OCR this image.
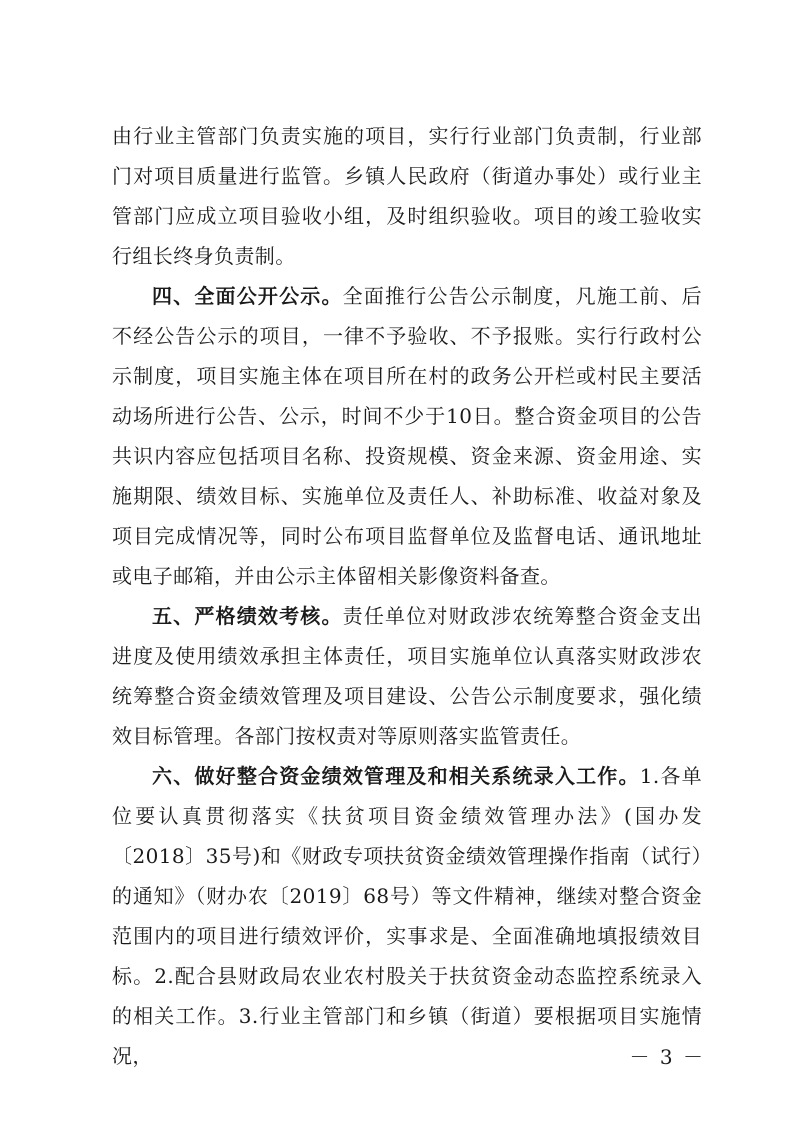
由行业主管部门负责实施的项目，实行行业部门负责制，行业部门对项目质量进行监管。乡镇人民政府（街道办事处）或行业主管部门应成立项目验收小组，及时组织验收。项目的竣工验收实行组长终身负责制。

四、全面公开公示。全面推行公告公示制度，凡施工前、后不经公告公示的项目，一律不予验收、不予报账。实行行政村公示制度，项目实施主体在项目所在村的政务公开栏或村民主要活动场所进行公告、公示，时间不少于10日。整合资金项目的公告共识内容应包括项目名称、投资规模、资金来源、资金用途、实施期限、绩效目标、实施单位及责任人、补助标准、收益对象及项目完成情况等，同时公布项目监督单位及监督电话、通讯地址或电子邮箱，并由公示主体留相关影像资料备查。

五、严格绩效考核。责任单位对财政涉农统筹整合资金支出进度及使用绩效承担主体责任，项目实施单位认真落实财政涉农统筹整合资金绩效管理及项目建设、公告公示制度要求，强化绩效目标管理。各部门按权责对等原则落实监管责任。

六、做好整合资金绩效管理及和相关系统录入工作。1.各单位要认真贯彻落实《扶贫项目资金绩效管理办法》(国办发〔2018〕35号)和《财政专项扶贫资金绩效管理操作指南（试行）的通知》（财办农〔2019〕68号）等文件精神，继续对整合资金范围内的项目进行绩效评价，实事求是、全面准确地填报绩效目标。2.配合县财政局农业农村股关于扶贫资金动态监控系统录入的相关工作。3.行业主管部门和乡镇（街道）要根据项目实施情况，	－ 3 －
